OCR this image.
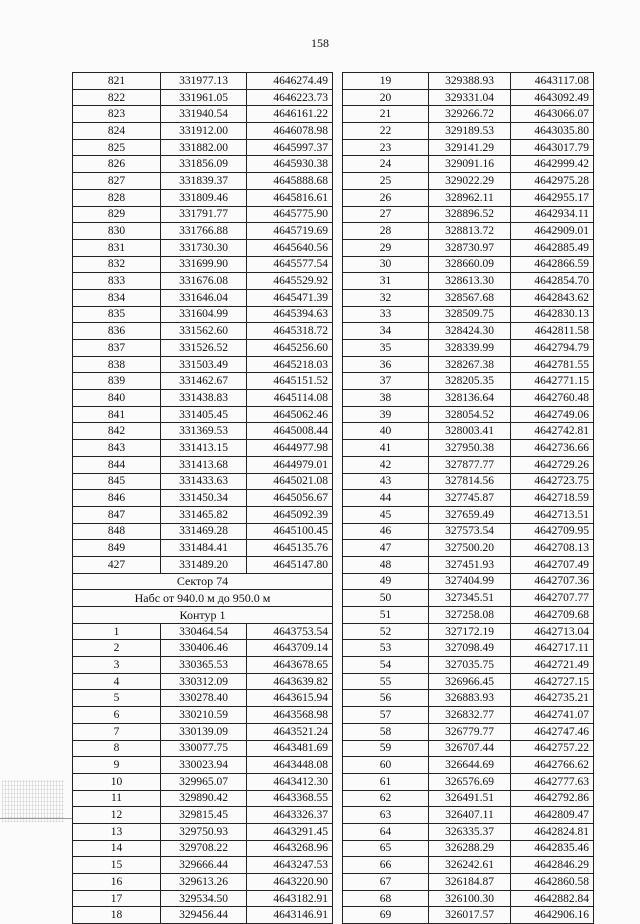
158
821	331977.13	4646274.49
822	331961.05	4646223.73
823	331940.54	4646161.22
824	331912.00	4646078.98
825	331882.00	4645997.37
826	331856.09	4645930.38
827	331839.37	4645888.68
828	331809.46	4645816.61
829	331791.77	4645775.90
830	331766.88	4645719.69
831	331730.30	4645640.56
832	331699.90	4645577.54
833	331676.08	4645529.92
834	331646.04	4645471.39
835	331604.99	4645394.63
836	331562.60	4645318.72
837	331526.52	4645256.60
838	331503.49	4645218.03
839	331462.67	4645151.52
840	331438.83	4645114.08
841	331405.45	4645062.46
842	331369.53	4645008.44
843	331413.15	4644977.98
844	331413.68	4644979.01
845	331433.63	4645021.08
846	331450.34	4645056.67
847	331465.82	4645092.39
848	331469.28	4645100.45
849	331484.41	4645135.76
427	331489.20	4645147.80
Сектор 74		
Набс от 940.0 м до 950.0 м		
Контур 1		
1	330464.54	4643753.54
2	330406.46	4643709.14
3	330365.53	4643678.65
4	330312.09	4643639.82
5	330278.40	4643615.94
6	330210.59	4643568.98
7	330139.09	4643521.24
8	330077.75	4643481.69
9	330023.94	4643448.08
10	329965.07	4643412.30
11	329890.42	4643368.55
12	329815.45	4643326.37
13	329750.93	4643291.45
14	329708.22	4643268.96
15	329666.44	4643247.53
16	329613.26	4643220.90
17	329534.50	4643182.91
18	329456.44	4643146.91
19	329388.93	4643117.08
20	329331.04	4643092.49
21	329266.72	4643066.07
22	329189.53	4643035.80
23	329141.29	4643017.79
24	329091.16	4642999.42
25	329022.29	4642975.28
26	328962.11	4642955.17
27	328896.52	4642934.11
28	328813.72	4642909.01
29	328730.97	4642885.49
30	328660.09	4642866.59
31	328613.30	4642854.70
32	328567.68	4642843.62
33	328509.75	4642830.13
34	328424.30	4642811.58
35	328339.99	4642794.79
36	328267.38	4642781.55
37	328205.35	4642771.15
38	328136.64	4642760.48
39	328054.52	4642749.06
40	328003.41	4642742.81
41	327950.38	4642736.66
42	327877.77	4642729.26
43	327814.56	4642723.75
44	327745.87	4642718.59
45	327659.49	4642713.51
46	327573.54	4642709.95
47	327500.20	4642708.13
48	327451.93	4642707.49
49	327404.99	4642707.36
50	327345.51	4642707.77
51	327258.08	4642709.68
52	327172.19	4642713.04
53	327098.49	4642717.11
54	327035.75	4642721.49
55	326966.45	4642727.15
56	326883.93	4642735.21
57	326832.77	4642741.07
58	326779.77	4642747.46
59	326707.44	4642757.22
60	326644.69	4642766.62
61	326576.69	4642777.63
62	326491.51	4642792.86
63	326407.11	4642809.47
64	326335.37	4642824.81
65	326288.29	4642835.46
66	326242.61	4642846.29
67	326184.87	4642860.58
68	326100.30	4642882.84
69	326017.57	4642906.16
